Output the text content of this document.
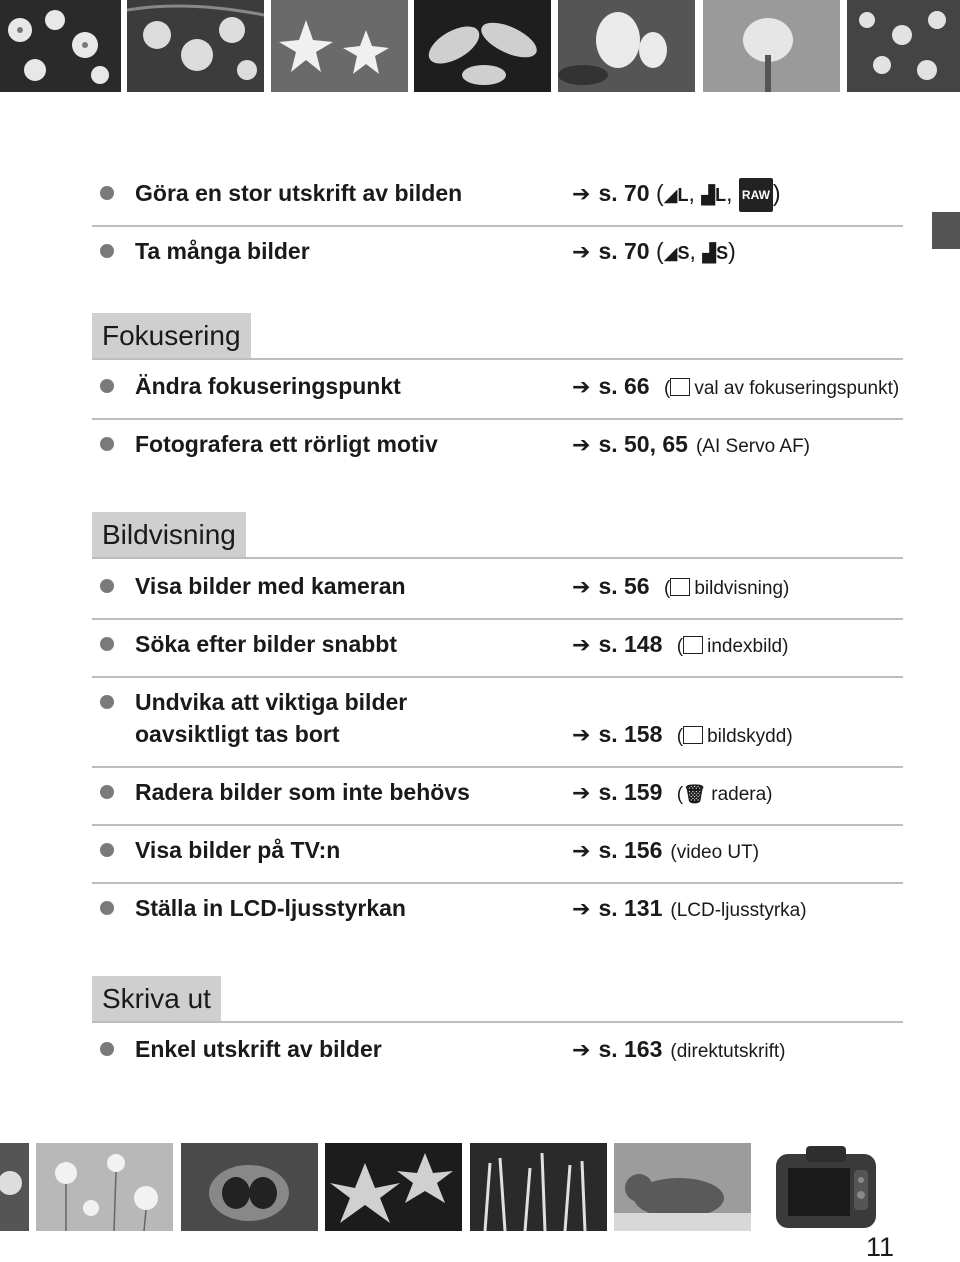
Göra en stor utskrift av bilden	➔ s. 70 (◢L, ▟L, RAW )
Ta många bilder	➔ s. 70 (◢S, ▟S)
Fokusering
Ändra fokuseringspunkt	➔ s. 66 ( val av fokuseringspunkt)
Fotografera ett rörligt motiv	➔ s. 50, 65 (AI Servo AF)
Bildvisning
Visa bilder med kameran	➔ s. 56 ( bildvisning)
Söka efter bilder snabbt	➔ s. 148 ( indexbild)
Undvika att viktiga bilder
oavsiktligt tas bort	➔ s. 158 ( bildskydd)
Radera bilder som inte behövs	➔ s. 159 (🗑 radera)
Visa bilder på TV:n	➔ s. 156 (video UT)
Ställa in LCD-ljusstyrkan	➔ s. 131 (LCD-ljusstyrka)
Skriva ut
Enkel utskrift av bilder	➔ s. 163 (direktutskrift)
11
